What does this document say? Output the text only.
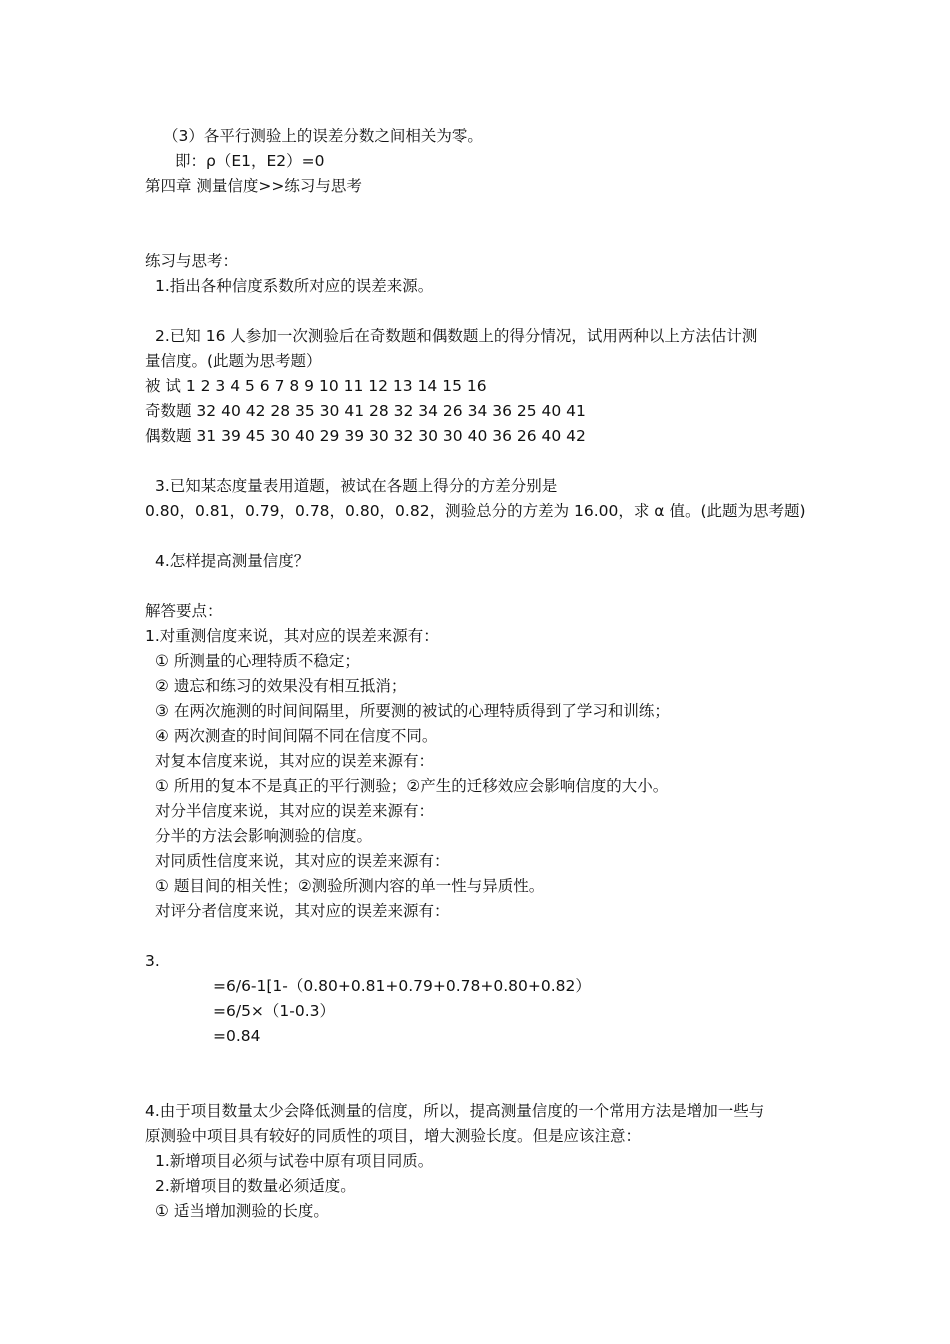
（3）各平行测验上的误差分数之间相关为零。
即：ρ（E1，E2）=0
第四章 测量信度>>练习与思考
练习与思考：
1.指出各种信度系数所对应的误差来源。
2.已知 16 人参加一次测验后在奇数题和偶数题上的得分情况，试用两种以上方法估计测
量信度。(此题为思考题）
被 试 1 2 3 4 5 6 7 8 9 10 11 12 13 14 15 16
奇数题 32 40 42 28 35 30 41 28 32 34 26 34 36 25 40 41
偶数题 31 39 45 30 40 29 39 30 32 30 30 40 36 26 40 42
3.已知某态度量表用道题，被试在各题上得分的方差分别是
0.80，0.81，0.79，0.78，0.80，0.82，测验总分的方差为 16.00，求 α 值。(此题为思考题)
4.怎样提高测量信度？
解答要点：
1.对重测信度来说，其对应的误差来源有：
① 所测量的心理特质不稳定；
② 遗忘和练习的效果没有相互抵消；
③ 在两次施测的时间间隔里，所要测的被试的心理特质得到了学习和训练；
④ 两次测查的时间间隔不同在信度不同。
对复本信度来说，其对应的误差来源有：
① 所用的复本不是真正的平行测验；②产生的迁移效应会影响信度的大小。
对分半信度来说，其对应的误差来源有：
分半的方法会影响测验的信度。
对同质性信度来说，其对应的误差来源有：
① 题目间的相关性；②测验所测内容的单一性与异质性。
对评分者信度来说，其对应的误差来源有：
3.
=6/6-1[1-（0.80+0.81+0.79+0.78+0.80+0.82）
=6/5×（1-0.3）
=0.84
4.由于项目数量太少会降低测量的信度，所以，提高测量信度的一个常用方法是增加一些与
原测验中项目具有较好的同质性的项目，增大测验长度。但是应该注意：
1.新增项目必须与试卷中原有项目同质。
2.新增项目的数量必须适度。
① 适当增加测验的长度。
